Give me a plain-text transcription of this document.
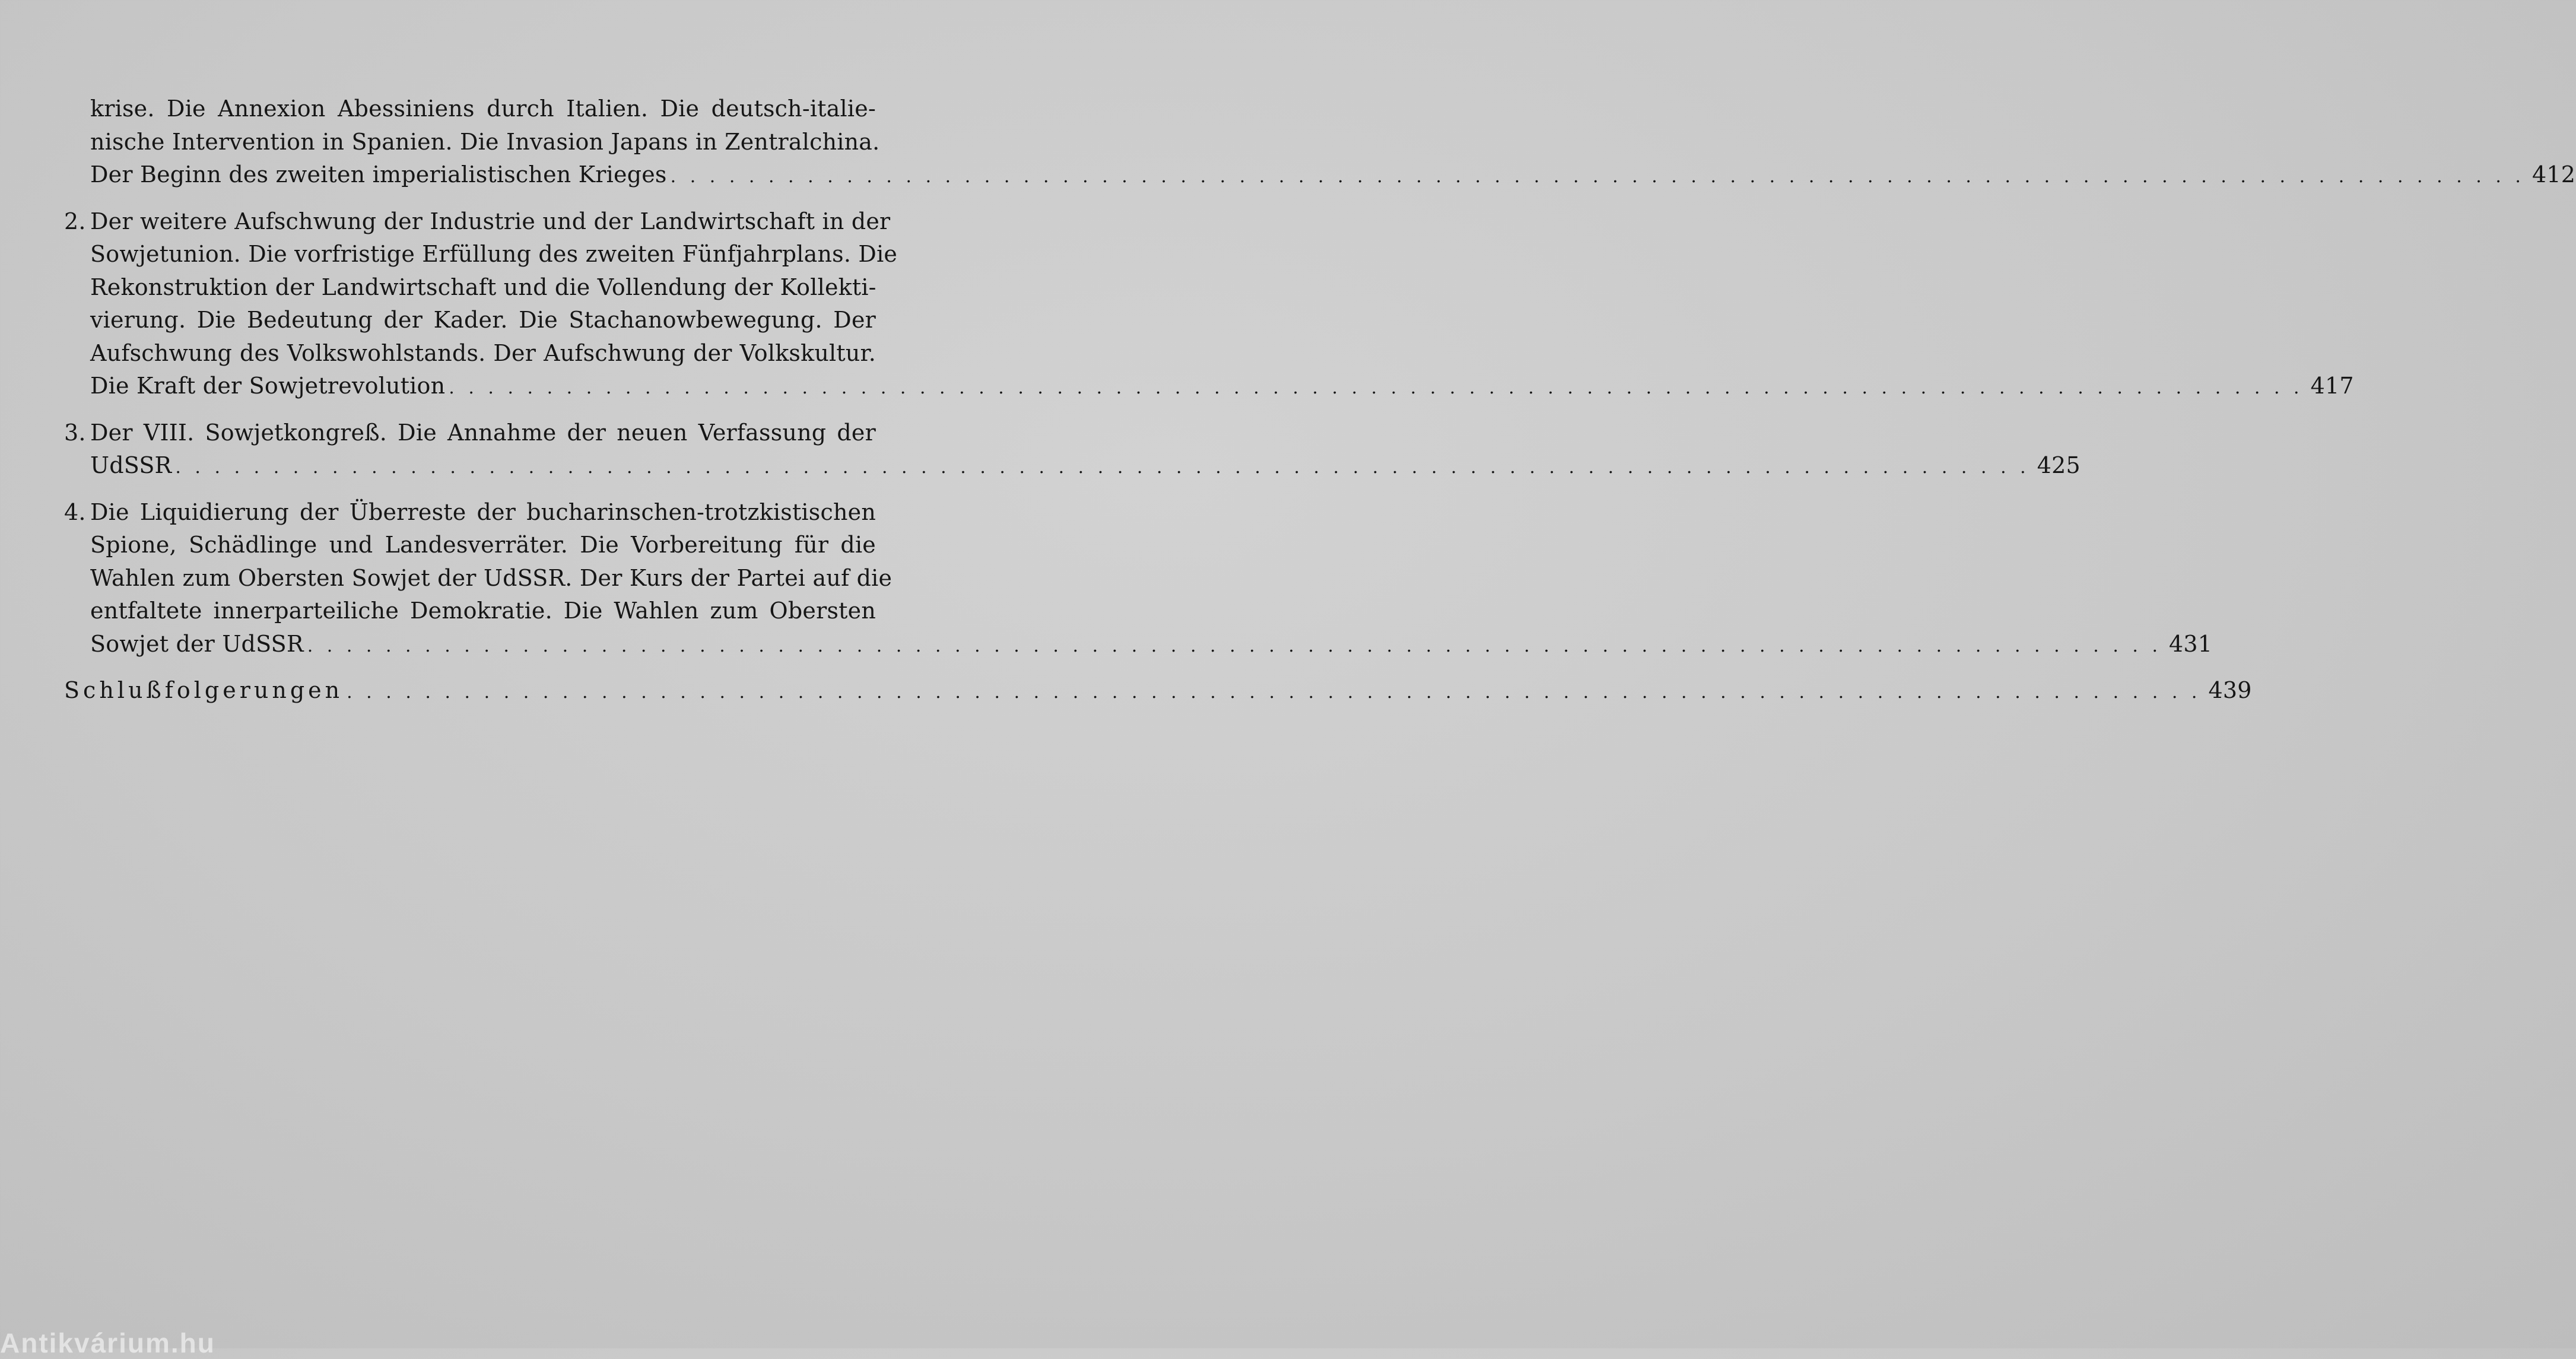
krise. Die Annexion Abessiniens durch Italien. Die deutsch-italie-
nische Intervention in Spanien. Die Invasion Japans in Zentralchina.
Der Beginn des zweiten imperialistischen Krieges . . . . . . . . . . . . . . . . . . . . . . . . . . . . . . . . . . . . . . . . . . . . . . . . . . . . . . . . . . . . . . . . . . . . . . . . . . . . . . . . . . . . . . . . . . . . . . . 412
2. Der weitere Aufschwung der Industrie und der Landwirtschaft in der
Sowjetunion. Die vorfristige Erfüllung des zweiten Fünfjahrplans. Die
Rekonstruktion der Landwirtschaft und die Vollendung der Kollekti-
vierung. Die Bedeutung der Kader. Die Stachanowbewegung. Der
Aufschwung des Volkswohlstands. Der Aufschwung der Volkskultur.
Die Kraft der Sowjetrevolution . . . . . . . . . . . . . . . . . . . . . . . . . . . . . . . . . . . . . . . . . . . . . . . . . . . . . . . . . . . . . . . . . . . . . . . . . . . . . . . . . . . . . . . . . . . . . . . 417
3. Der VIII. Sowjetkongreß. Die Annahme der neuen Verfassung der
UdSSR . . . . . . . . . . . . . . . . . . . . . . . . . . . . . . . . . . . . . . . . . . . . . . . . . . . . . . . . . . . . . . . . . . . . . . . . . . . . . . . . . . . . . . . . . . . . . . . 425
4. Die Liquidierung der Überreste der bucharinschen-trotzkistischen
Spione, Schädlinge und Landesverräter. Die Vorbereitung für die
Wahlen zum Obersten Sowjet der UdSSR. Der Kurs der Partei auf die
entfaltete innerparteiliche Demokratie. Die Wahlen zum Obersten
Sowjet der UdSSR . . . . . . . . . . . . . . . . . . . . . . . . . . . . . . . . . . . . . . . . . . . . . . . . . . . . . . . . . . . . . . . . . . . . . . . . . . . . . . . . . . . . . . . . . . . . . . . 431
Schlußfolgerungen . . . . . . . . . . . . . . . . . . . . . . . . . . . . . . . . . . . . . . . . . . . . . . . . . . . . . . . . . . . . . . . . . . . . . . . . . . . . . . . . . . . . . . . . . . . . . . . 439
Antikvárium.hu
